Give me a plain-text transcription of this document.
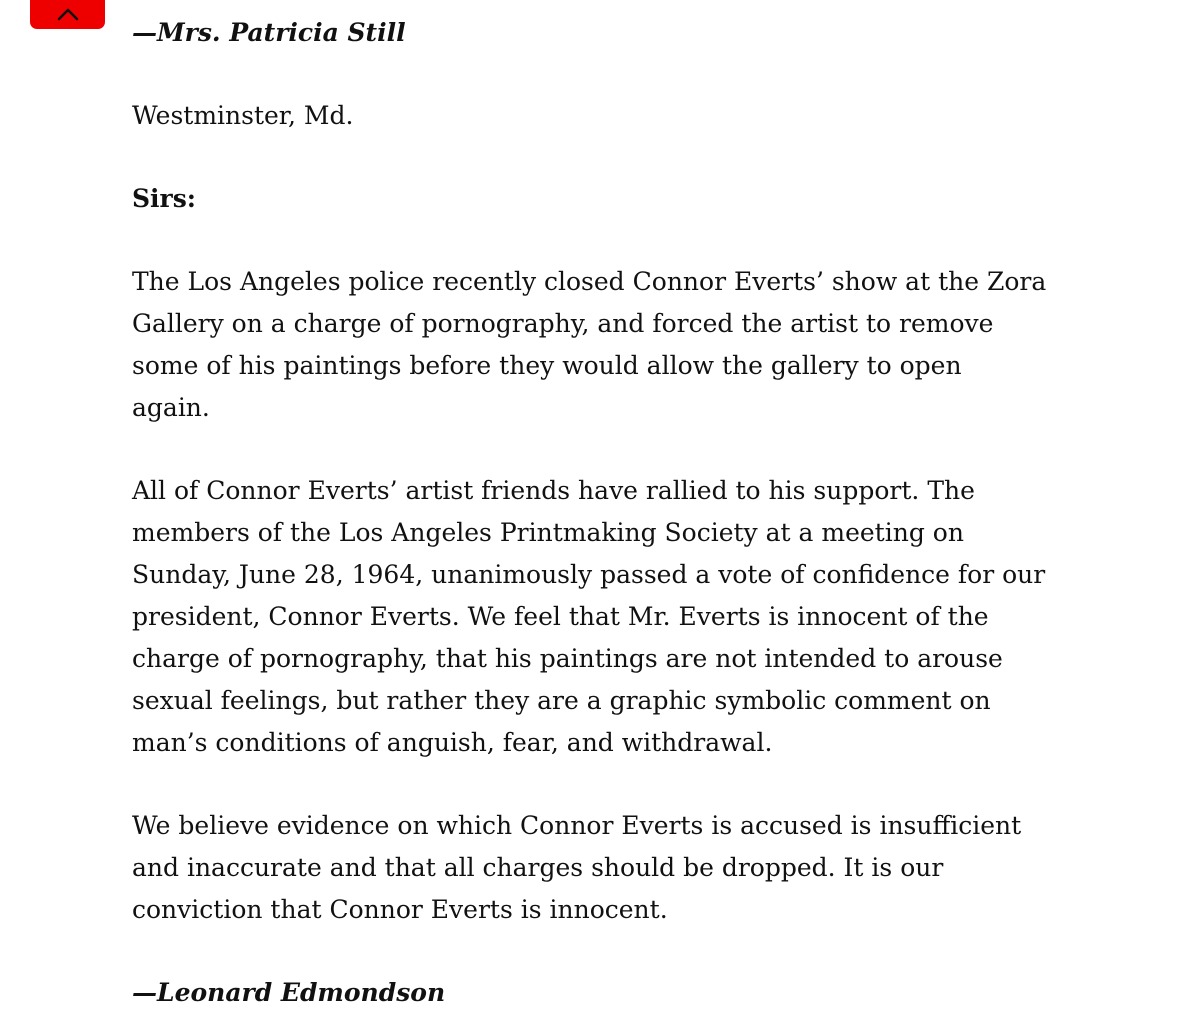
—Mrs. Patricia Still

Westminster, Md.

Sirs:

The Los Angeles police recently closed Connor Everts’ show at the Zora Gallery on a charge of pornography, and forced the artist to remove some of his paintings before they would allow the gallery to open again.

All of Connor Everts’ artist friends have rallied to his support. The members of the Los Angeles Printmaking Society at a meeting on Sunday, June 28, 1964, unanimously passed a vote of confidence for our president, Connor Everts. We feel that Mr. Everts is innocent of the charge of pornography, that his paintings are not intended to arouse sexual feelings, but rather they are a graphic symbolic comment on man’s conditions of anguish, fear, and withdrawal.

We believe evidence on which Connor Everts is accused is insufficient and inaccurate and that all charges should be dropped. It is our conviction that Connor Everts is innocent.

—Leonard Edmondson
